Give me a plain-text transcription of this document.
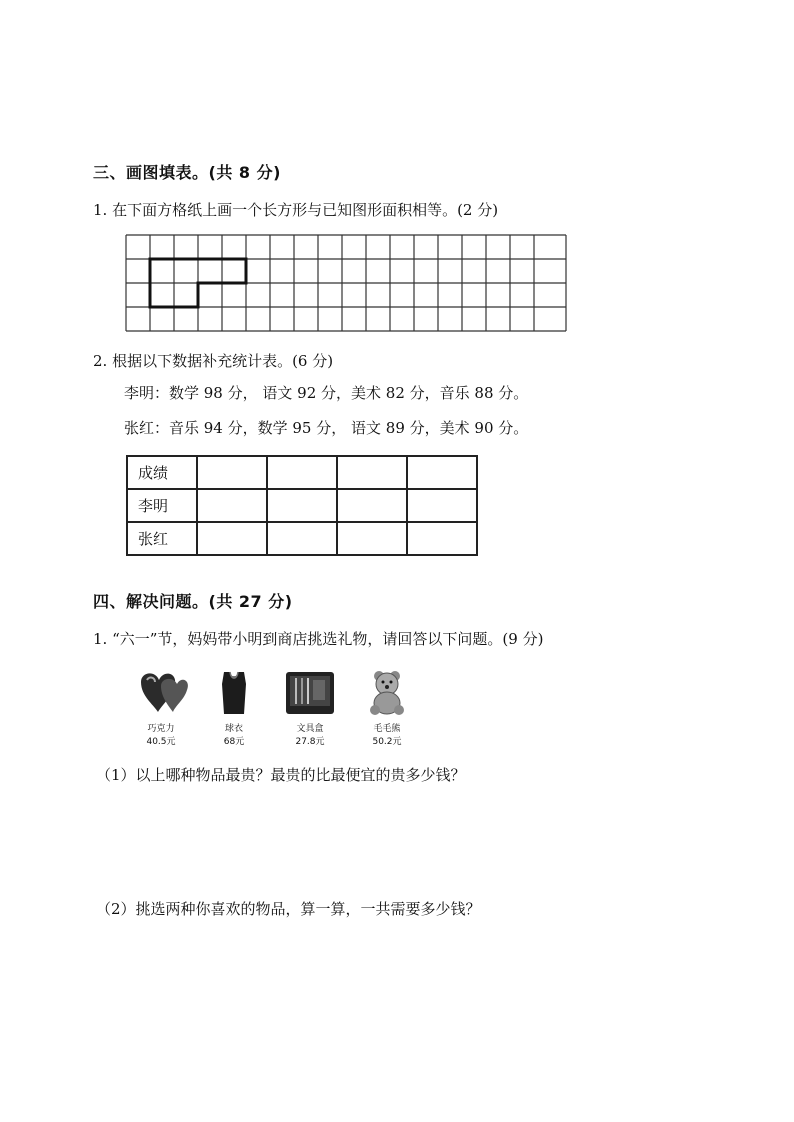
三、画图填表。(共 8 分)
1. 在下面方格纸上画一个长方形与已知图形面积相等。(2 分)
2. 根据以下数据补充统计表。(6 分)
李明：数学 98 分， 语文 92 分，美术 82 分，音乐 88 分。
张红：音乐 94 分，数学 95 分， 语文 89 分，美术 90 分。
成绩				
李明				
张红				
四、解决问题。(共 27 分)
1. “六一”节，妈妈带小明到商店挑选礼物，请回答以下问题。(9 分)
巧克力
40.5元
球衣
68元
文具盒
27.8元
毛毛熊
50.2元
（1）以上哪种物品最贵？最贵的比最便宜的贵多少钱？
（2）挑选两种你喜欢的物品，算一算，一共需要多少钱？
